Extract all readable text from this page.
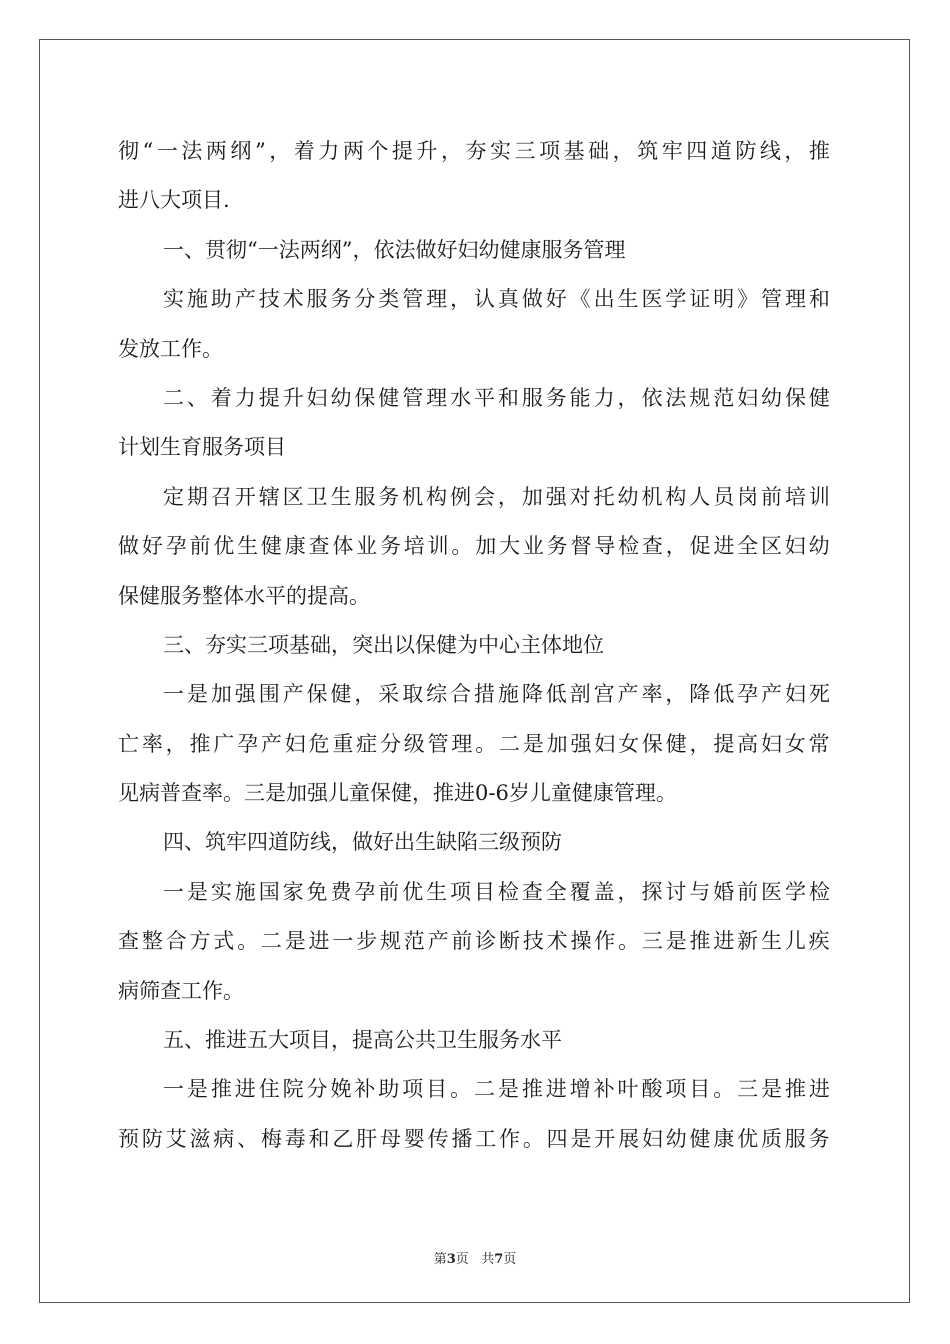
彻 “ 一 法 两 纲 ” ， 着 力 两 个 提 升 ， 夯 实 三 项 基 础 ， 筑 牢 四 道 防 线 ， 推
进八大项目.
一、贯彻“一法两纲”，依法做好妇幼健康服务管理
实 施 助 产 技 术 服 务 分 类 管 理 ， 认 真 做 好 《 出 生 医 学 证 明 》 管 理 和
发放工作。
二 、 着 力 提 升 妇 幼 保 健 管 理 水 平 和 服 务 能 力 ， 依 法 规 范 妇 幼 保 健
计划生育服务项目
定 期 召 开 辖 区 卫 生 服 务 机 构 例 会 ， 加 强 对 托 幼 机 构 人 员 岗 前 培 训
做 好 孕 前 优 生 健 康 查 体 业 务 培 训 。 加 大 业 务 督 导 检 查 ， 促 进 全 区 妇 幼
保健服务整体水平的提高。
三、夯实三项基础，突出以保健为中心主体地位
一 是 加 强 围 产 保 健 ， 采 取 综 合 措 施 降 低 剖 宫 产 率 ， 降 低 孕 产 妇 死
亡 率 ， 推 广 孕 产 妇 危 重 症 分 级 管 理 。 二 是 加 强 妇 女 保 健 ， 提 高 妇 女 常
见病普查率。三是加强儿童保健，推进0-6岁儿童健康管理。
四、筑牢四道防线，做好出生缺陷三级预防
一 是 实 施 国 家 免 费 孕 前 优 生 项 目 检 查 全 覆 盖 ， 探 讨 与 婚 前 医 学 检
查 整 合 方 式 。 二 是 进 一 步 规 范 产 前 诊 断 技 术 操 作 。 三 是 推 进 新 生 儿 疾
病筛查工作。
五、推进五大项目，提高公共卫生服务水平
一 是 推 进 住 院 分 娩 补 助 项 目 。 二 是 推 进 增 补 叶 酸 项 目 。 三 是 推 进
预 防 艾 滋 病 、 梅 毒 和 乙 肝 母 婴 传 播 工 作 。 四 是 开 展 妇 幼 健 康 优 质 服 务
第3页 共7页
